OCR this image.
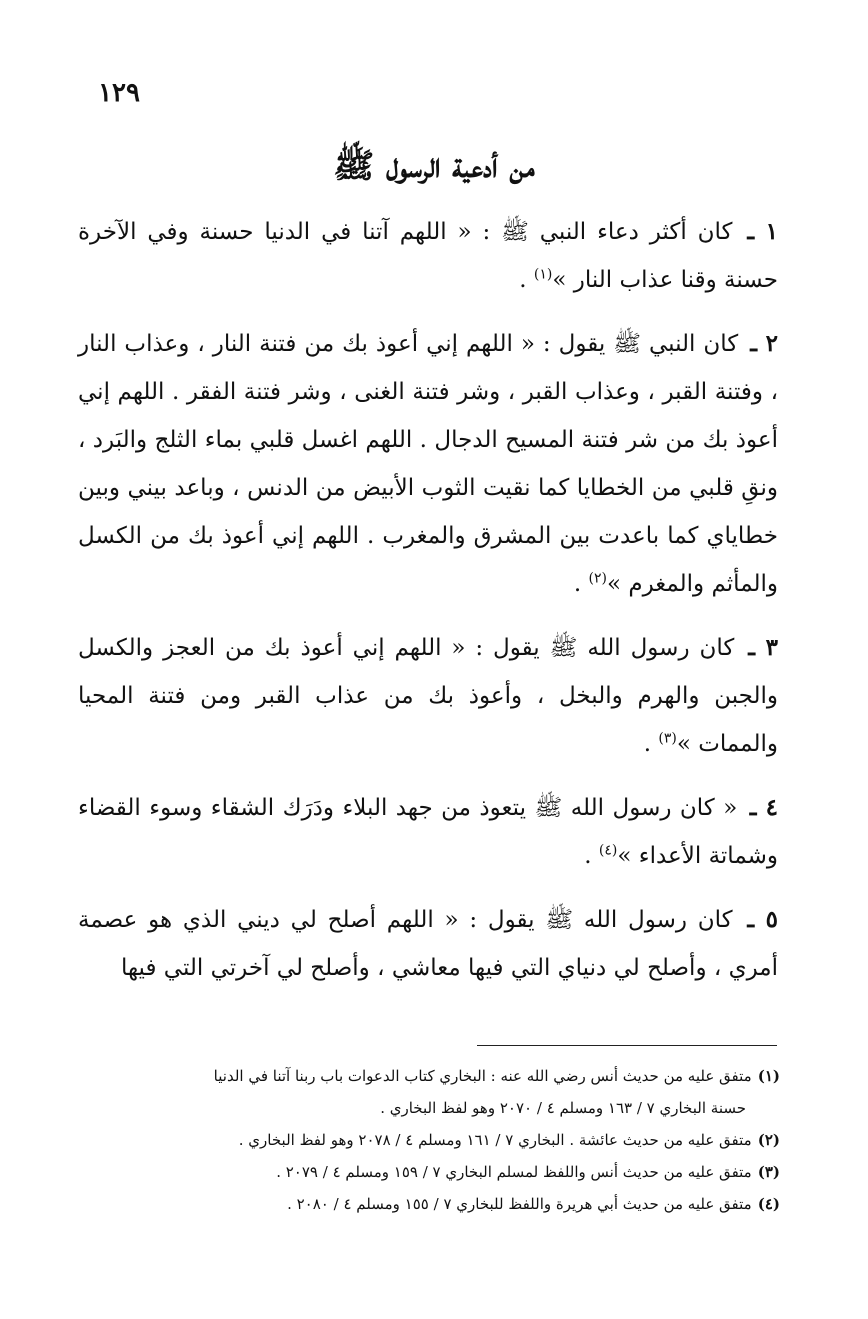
١٢٩
من أدعية الرسول ﷺ

١ ـ كان أكثر دعاء النبي ﷺ : « اللهم آتنا في الدنيا حسنة وفي الآخرة حسنة وقنا عذاب النار »$^{(١)}$ .

٢ ـ كان النبي ﷺ يقول : « اللهم إني أعوذ بك من فتنة النار ، وعذاب النار ، وفتنة القبر ، وعذاب القبر ، وشر فتنة الغنى ، وشر فتنة الفقر . اللهم إني أعوذ بك من شر فتنة المسيح الدجال . اللهم اغسل قلبي بماء الثلج والبَرد ، ونقِ قلبي من الخطايا كما نقيت الثوب الأبيض من الدنس ، وباعد بيني وبين خطاياي كما باعدت بين المشرق والمغرب . اللهم إني أعوذ بك من الكسل والمأثم والمغرم »$^{(٢)}$ .

٣ ـ كان رسول الله ﷺ يقول : « اللهم إني أعوذ بك من العجز والكسل والجبن والهرم والبخل ، وأعوذ بك من عذاب القبر ومن فتنة المحيا والممات »$^{(٣)}$ .

٤ ـ « كان رسول الله ﷺ يتعوذ من جهد البلاء ودَرَك الشقاء وسوء القضاء وشماتة الأعداء »$^{(٤)}$ .

٥ ـ كان رسول الله ﷺ يقول : « اللهم أصلح لي ديني الذي هو عصمة أمري ، وأصلح لي دنياي التي فيها معاشي ، وأصلح لي آخرتي التي فيها

(١)متفق عليه من حديث أنس رضي الله عنه : البخاري كتاب الدعوات باب ربنا آتنا في الدنيا

حسنة البخاري ٧ / ١٦٣ ومسلم ٤ / ٢٠٧٠ وهو لفظ البخاري .

(٢)متفق عليه من حديث عائشة . البخاري ٧ / ١٦١ ومسلم ٤ / ٢٠٧٨ وهو لفظ البخاري .

(٣)متفق عليه من حديث أنس واللفظ لمسلم البخاري ٧ / ١٥٩ ومسلم ٤ / ٢٠٧٩ .

(٤)متفق عليه من حديث أبي هريرة واللفظ للبخاري ٧ / ١٥٥ ومسلم ٤ / ٢٠٨٠ .
